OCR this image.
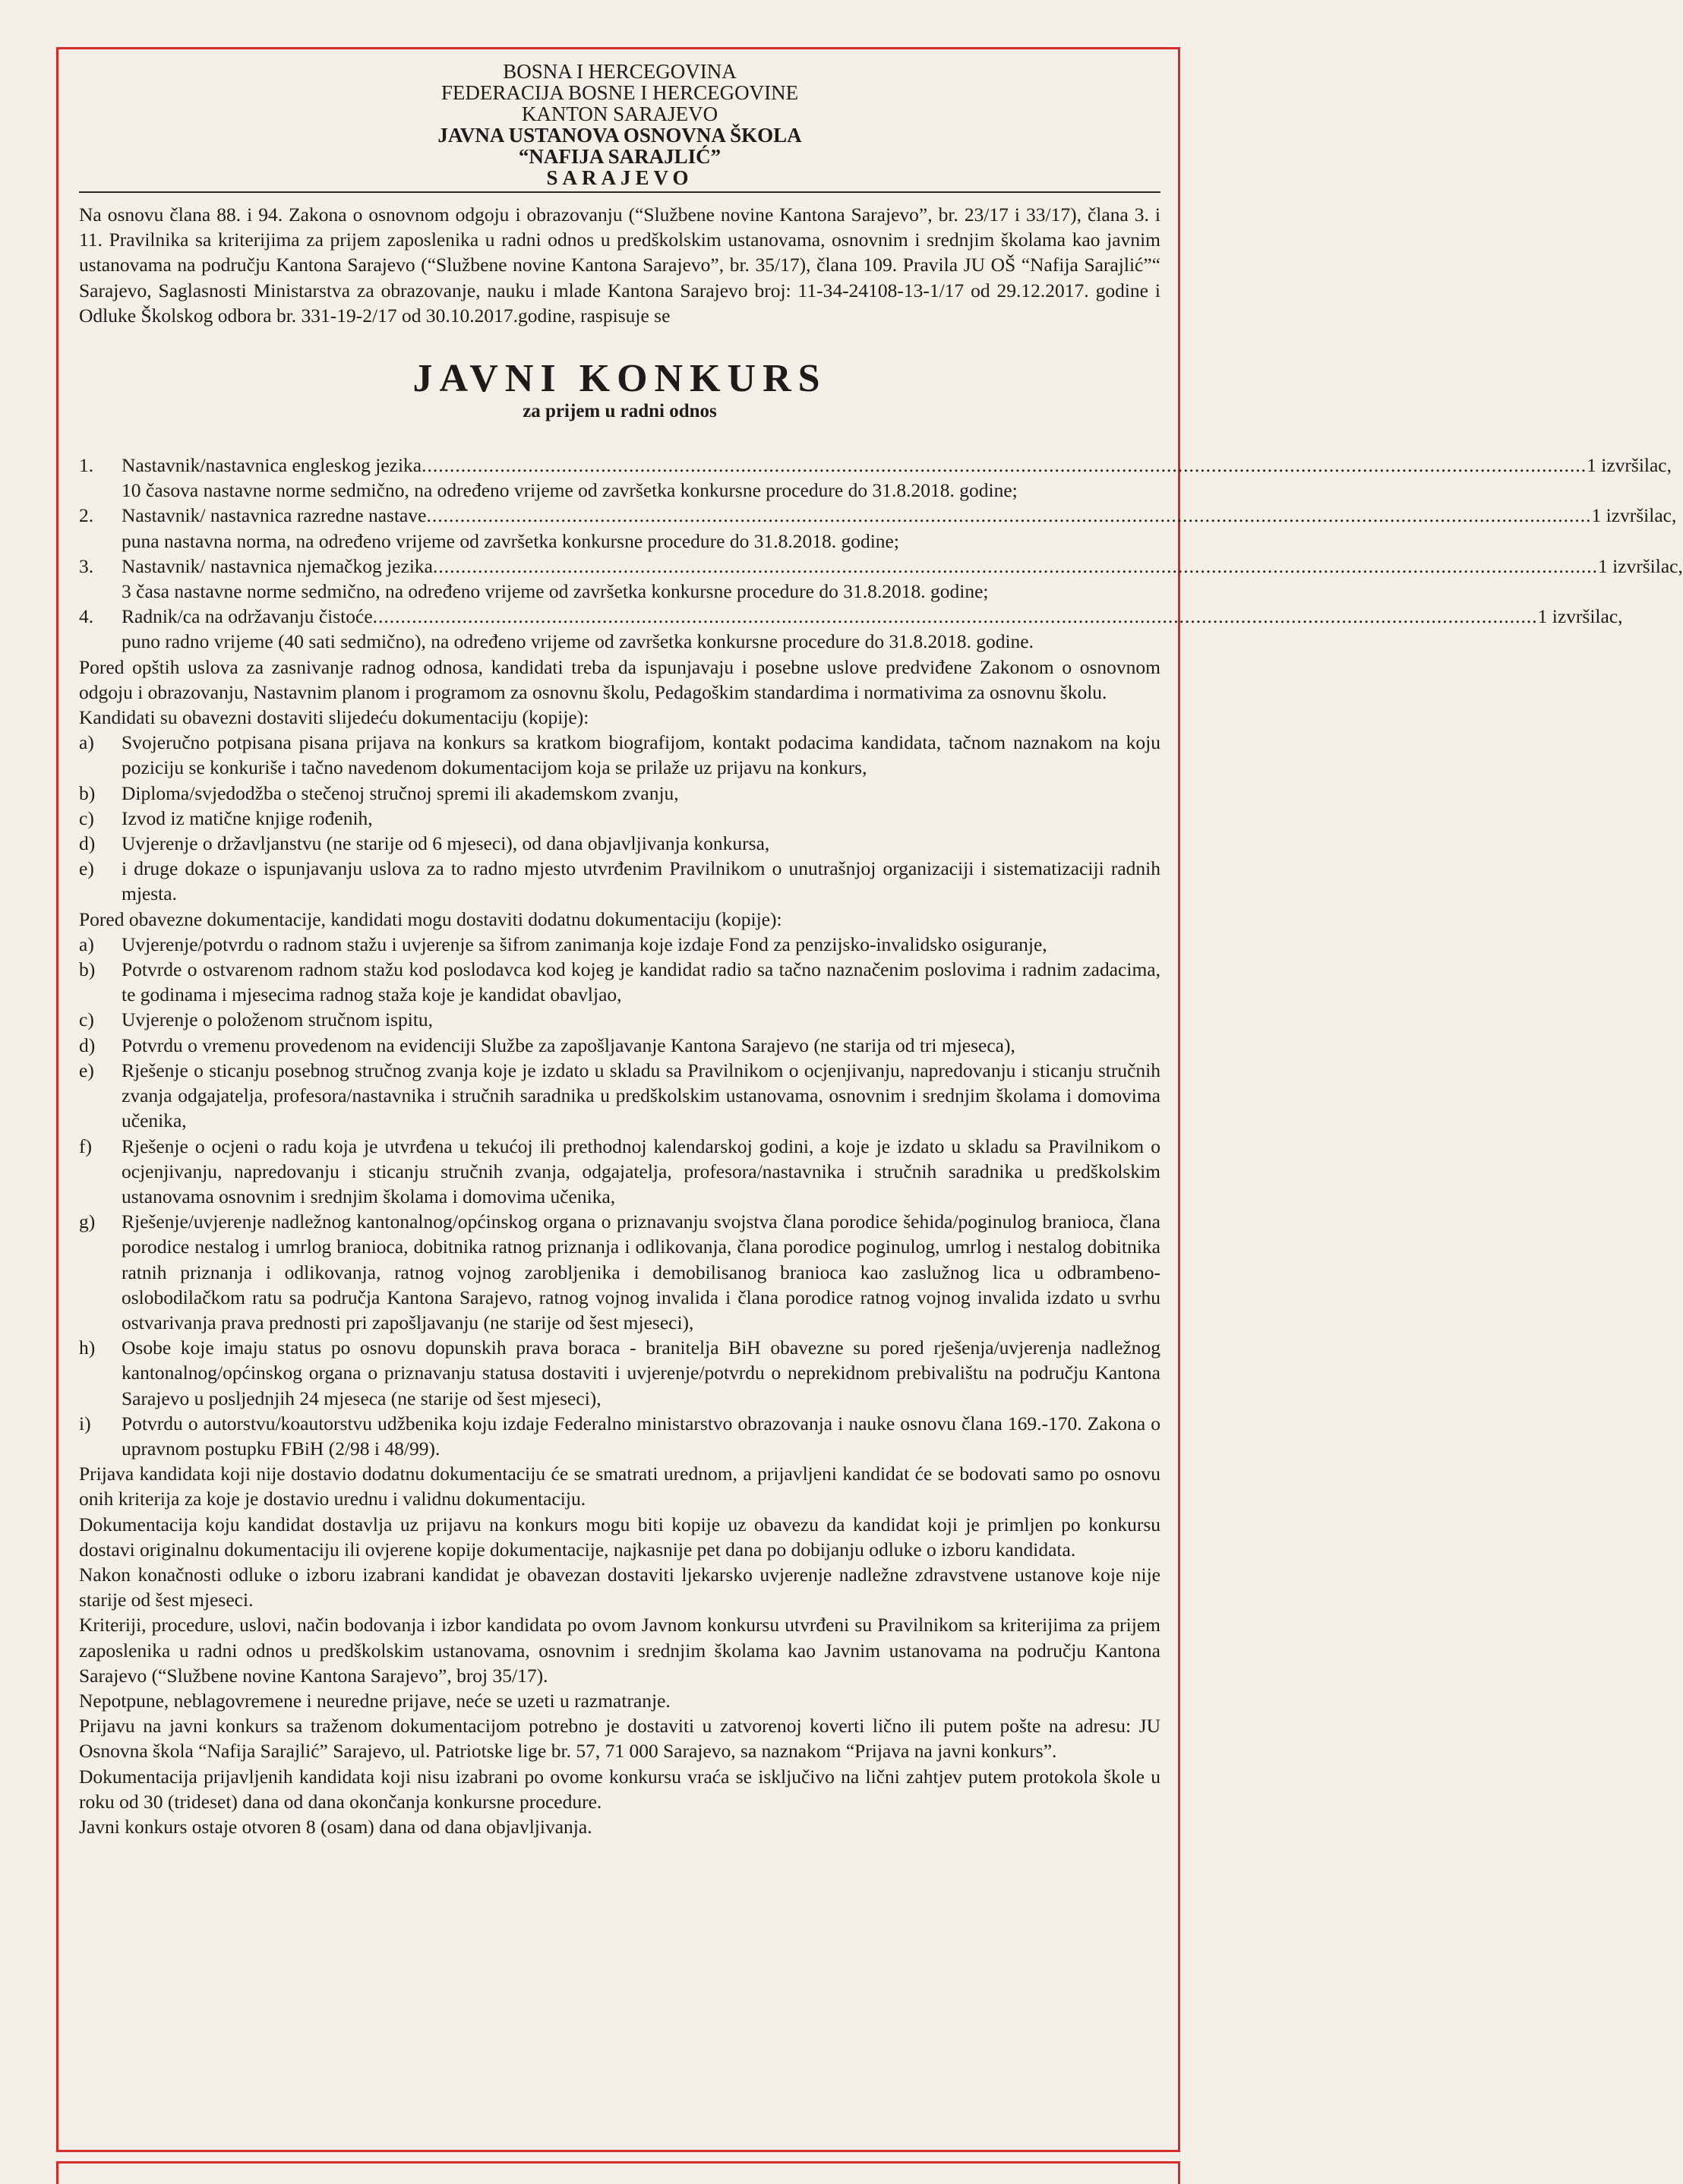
BOSNA I HERCEGOVINA
FEDERACIJA BOSNE I HERCEGOVINE
KANTON SARAJEVO
JAVNA USTANOVA OSNOVNA ŠKOLA
“NAFIJA SARAJLIĆ”
SARAJEVO

Na osnovu člana 88. i 94. Zakona o osnovnom odgoju i obrazovanju (“Službene novine Kantona Sarajevo”, br. 23/17 i 33/17), člana 3. i 11. Pravilnika sa kriterijima za prijem zaposlenika u radni odnos u predškolskim ustanovama, osnovnim i srednjim školama kao javnim ustanovama na području Kantona Sarajevo (“Službene novine Kantona Sarajevo”, br. 35/17), člana 109. Pravila JU OŠ “Nafija Sarajlić”“ Sarajevo, Saglasnosti Ministarstva za obrazovanje, nauku i mlade Kantona Sarajevo broj: 11-34-24108-13-1/17 od 29.12.2017. godine i Odluke Školskog odbora br. 331-19-2/17 od 30.10.2017.godine, raspisuje se

JAVNI KONKURS
za prijem u radni odnos
1.	Nastavnik/nastavnica engleskog jezika .....	1 izvršilac,
10 časova nastavne norme sedmično, na određeno vrijeme od završetka konkursne procedure do 31.8.2018. godine;
2.	Nastavnik/ nastavnica razredne nastave .....	1 izvršilac,
puna nastavna norma, na određeno vrijeme od završetka konkursne procedure do 31.8.2018. godine;
3.	Nastavnik/ nastavnica njemačkog jezika .....	1 izvršilac,
3 časa nastavne norme sedmično, na određeno vrijeme od završetka konkursne procedure do 31.8.2018. godine;
4.	Radnik/ca na održavanju čistoće .....	1 izvršilac,
puno radno vrijeme (40 sati sedmično), na određeno vrijeme od završetka konkursne procedure do 31.8.2018. godine.

Pored opštih uslova za zasnivanje radnog odnosa, kandidati treba da ispunjavaju i posebne uslove predviđene Zakonom o osnovnom odgoju i obrazovanju, Nastavnim planom i programom za osnovnu školu, Pedagoškim standardima i normativima za osnovnu školu.

Kandidati su obavezni dostaviti slijedeću dokumentaciju (kopije):

a)	Svojeručno potpisana pisana prijava na konkurs sa kratkom biografijom, kontakt podacima kandidata, tačnom naznakom na koju poziciju se konkuriše i tačno navedenom dokumentacijom koja se prilaže uz prijavu na konkurs,
b)	Diploma/svjedodžba o stečenoj stručnoj spremi ili akademskom zvanju,
c)	Izvod iz matične knjige rođenih,
d)	Uvjerenje o državljanstvu (ne starije od 6 mjeseci), od dana objavljivanja konkursa,
e)	i druge dokaze o ispunjavanju uslova za to radno mjesto utvrđenim Pravilnikom o unutrašnjoj organizaciji i sistematizaciji radnih mjesta.

Pored obavezne dokumentacije, kandidati mogu dostaviti dodatnu dokumentaciju (kopije):

a)	Uvjerenje/potvrdu o radnom stažu i uvjerenje sa šifrom zanimanja koje izdaje Fond za penzijsko-invalidsko osiguranje,
b)	Potvrde o ostvarenom radnom stažu kod poslodavca kod kojeg je kandidat radio sa tačno naznačenim poslovima i radnim zadacima, te godinama i mjesecima radnog staža koje je kandidat obavljao,
c)	Uvjerenje o položenom stručnom ispitu,
d)	Potvrdu o vremenu provedenom na evidenciji Službe za zapošljavanje Kantona Sarajevo (ne starija od tri mjeseca),
e)	Rješenje o sticanju posebnog stručnog zvanja koje je izdato u skladu sa Pravilnikom o ocjenjivanju, napredovanju i sticanju stručnih zvanja odgajatelja, profesora/nastavnika i stručnih saradnika u predškolskim ustanovama, osnovnim i srednjim školama i domovima učenika,
f)	Rješenje o ocjeni o radu koja je utvrđena u tekućoj ili prethodnoj kalendarskoj godini, a koje je izdato u skladu sa Pravilnikom o ocjenjivanju, napredovanju i sticanju stručnih zvanja, odgajatelja, profesora/nastavnika i stručnih saradnika u predškolskim ustanovama osnovnim i srednjim školama i domovima učenika,
g)	Rješenje/uvjerenje nadležnog kantonalnog/općinskog organa o priznavanju svojstva člana porodice šehida/poginulog branioca, člana porodice nestalog i umrlog branioca, dobitnika ratnog priznanja i odlikovanja, člana porodice poginulog, umrlog i nestalog dobitnika ratnih priznanja i odlikovanja, ratnog vojnog zarobljenika i demobilisanog branioca kao zaslužnog lica u odbrambeno-oslobodilačkom ratu sa područja Kantona Sarajevo, ratnog vojnog invalida i člana porodice ratnog vojnog invalida izdato u svrhu ostvarivanja prava prednosti pri zapošljavanju (ne starije od šest mjeseci),
h)	Osobe koje imaju status po osnovu dopunskih prava boraca - branitelja BiH obavezne su pored rješenja/uvjerenja nadležnog kantonalnog/općinskog organa o priznavanju statusa dostaviti i uvjerenje/potvrdu o neprekidnom prebivalištu na području Kantona Sarajevo u posljednjih 24 mjeseca (ne starije od šest mjeseci),
i)	Potvrdu o autorstvu/koautorstvu udžbenika koju izdaje Federalno ministarstvo obrazovanja i nauke osnovu člana 169.-170. Zakona o upravnom postupku FBiH (2/98 i 48/99).

Prijava kandidata koji nije dostavio dodatnu dokumentaciju će se smatrati urednom, a prijavljeni kandidat će se bodovati samo po osnovu onih kriterija za koje je dostavio urednu i validnu dokumentaciju.

Dokumentacija koju kandidat dostavlja uz prijavu na konkurs mogu biti kopije uz obavezu da kandidat koji je primljen po konkursu dostavi originalnu dokumentaciju ili ovjerene kopije dokumentacije, najkasnije pet dana po dobijanju odluke o izboru kandidata.

Nakon konačnosti odluke o izboru izabrani kandidat je obavezan dostaviti ljekarsko uvjerenje nadležne zdravstvene ustanove koje nije starije od šest mjeseci.

Kriteriji, procedure, uslovi, način bodovanja i izbor kandidata po ovom Javnom konkursu utvrđeni su Pravilnikom sa kriterijima za prijem zaposlenika u radni odnos u predškolskim ustanovama, osnovnim i srednjim školama kao Javnim ustanovama na području Kantona Sarajevo (“Službene novine Kantona Sarajevo”, broj 35/17).

Nepotpune, neblagovremene i neuredne prijave, neće se uzeti u razmatranje.

Prijavu na javni konkurs sa traženom dokumentacijom potrebno je dostaviti u zatvorenoj koverti lično ili putem pošte na adresu: JU Osnovna škola “Nafija Sarajlić” Sarajevo, ul. Patriotske lige br. 57, 71 000 Sarajevo, sa naznakom “Prijava na javni konkurs”.

Dokumentacija prijavljenih kandidata koji nisu izabrani po ovome konkursu vraća se isključivo na lični zahtjev putem protokola škole u roku od 30 (trideset) dana od dana okončanja konkursne procedure.

Javni konkurs ostaje otvoren 8 (osam) dana od dana objavljivanja.
